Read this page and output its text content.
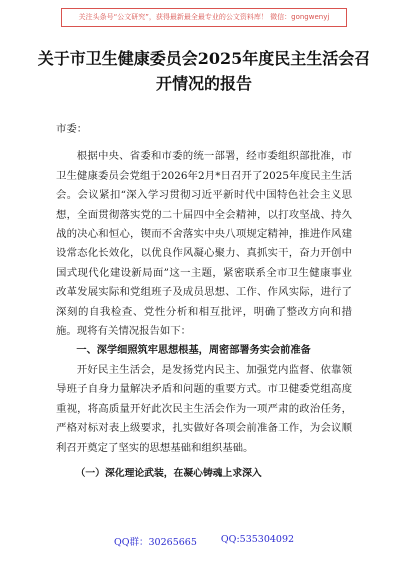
关注头条号“公文研究”，获得最新最全最专业的公文资料库！ 微信：gongwenyj
关于市卫生健康委员会2025年度民主生活会召开情况的报告

市委：

根据中央、省委和市委的统一部署，经市委组织部批准，市卫生健康委员会党组于2026年2月*日召开了2025年度民主生活会。会议紧扣“深入学习贯彻习近平新时代中国特色社会主义思想，全面贯彻落实党的二十届四中全会精神，以打攻坚战、持久战的决心和恒心，锲而不舍落实中央八项规定精神，推进作风建设常态化长效化，以优良作风凝心聚力、真抓实干，奋力开创中国式现代化建设新局面”这一主题，紧密联系全市卫生健康事业改革发展实际和党组班子及成员思想、工作、作风实际，进行了深刻的自我检查、党性分析和相互批评，明确了整改方向和措施。现将有关情况报告如下：

一、深学细照筑牢思想根基，周密部署务实会前准备

开好民主生活会，是发扬党内民主、加强党内监督、依靠领导班子自身力量解决矛盾和问题的重要方式。市卫健委党组高度重视，将高质量开好此次民主生活会作为一项严肃的政治任务，严格对标对表上级要求，扎实做好各项会前准备工作，为会议顺利召开奠定了坚实的思想基础和组织基础。

（一）深化理论武装，在凝心铸魂上求深入

QQ群：30265665	QQ:535304092
